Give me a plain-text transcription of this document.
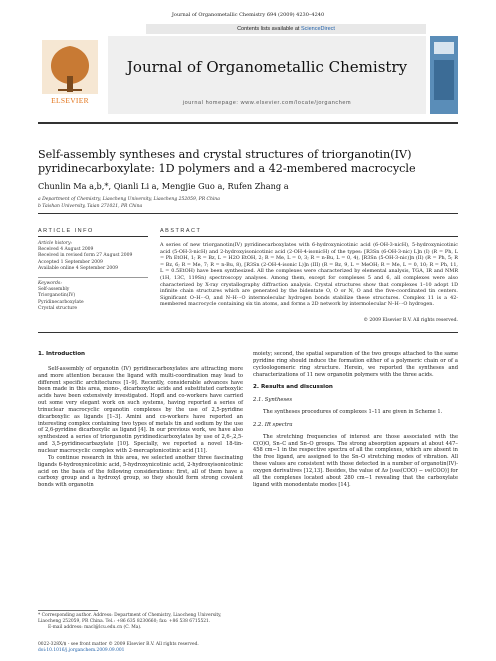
Journal of Organometallic Chemistry 694 (2009) 4230–4240
Contents lists available at ScienceDirect
ELSEVIER
Journal of Organometallic Chemistry
journal homepage: www.elsevier.com/locate/jorganchem
Self-assembly syntheses and crystal structures of triorganotin(IV)
pyridinecarboxylate: 1D polymers and a 42-membered macrocycle
Chunlin Ma a,b,*, Qianli Li a, Mengjie Guo a, Rufen Zhang a
a Department of Chemistry, Liaocheng University, Liaocheng 252059, PR China
b Taishan University, Taian 271021, PR China
ARTICLE INFO	ABSTRACT
Article history:
Received 4 August 2009
Received in revised form 27 August 2009
Accepted 1 September 2009
Available online 4 September 2009
Keywords:
Self-assembly
Triorganotin(IV)
Pyridinecarboxylate
Crystal structure
A series of new triorganotin(IV) pyridinecarboxylates with 6-hydroxynicotinic acid (6-OH-3-nicH), 5-hydroxynicotinic acid (5-OH-3-nicH) and 2-hydroxyisonicotinic acid (2-OH-4-isonicH) of the types: [R3Sn (6-OH-3-nic) L]n (I) (R = Ph, L = Ph EtOH, 1; R = Bz, L = H2O EtOH, 2; R = Me, L = 0, 3; R = n-Bu, L = 0, 4), [R3Sn (5-OH-3-nic)]n (II) (R = Ph, 5; R = Bz, 6; R = Me, 7; R = n-Bu, 8), [R3Sn (2-OH-4-isonic L)]n (III) (R = Bz, 9, L = MeOH; R = Me, L = 0, 10; R = Ph, 11, L = 0.5EtOH) have been synthesized. All the complexes were characterized by elemental analysis, TGA, IR and NMR (1H, 13C, 119Sn) spectroscopy analyses. Among them, except for complexes 5 and 6, all complexes were also characterized by X-ray crystallography diffraction analysis. Crystal structures show that complexes 1–10 adopt 1D infinite chain structures which are generated by the bidentate O, O or N, O and the five-coordinated tin centers. Significant O–H···O, and N–H···O intermolecular hydrogen bonds stabilize these structures. Complex 11 is a 42-membered macrocycle containing six tin atoms, and forms a 2D network by intermolecular N–H···O hydrogen.
© 2009 Elsevier B.V. All rights reserved.
1. Introduction

Self-assembly of organotin (IV) pyridinecarboxylates are attracting more and more attention because the ligand with multi-coordination may lead to different specific architectures [1–9]. Recently, considerable advances have been made in this area, mono-, dicarboxylic acids and substituted carboxylic acids have been extensively investigated. Hopfl and co-workers have carried out some very elegant work on such systems, having reported a series of trinuclear macrocyclic organotin complexes by the use of 2,5-pyridine dicarboxylic as ligands [1–3]. Amini and co-workers have reported an interesting complex containing two types of metals tin and sodium by the use of 2,6-pyridine dicarboxylic as ligand [4]. In our previous work, we have also synthesized a series of triorganotin pyridinedicarboxylates by use of 2,6-,2,5- and 3,5-pyridinecarbazylate [10]. Specially, we reported a novel 18-tin-nuclear macrocyclic complex with 2-mercaptonicotinic acid [11].

To continue research in this area, we selected another three fascinating ligands 6-hydroxynicotinic acid, 5-hydroxynicotinic acid, 2-hydroxyisonicotinic acid on the basis of the following considerations: first, all of them have a carboxy group and a hydroxyl group, so they should form strong covalent bonds with organotin

* Corresponding author. Address: Department of Chemistry, Liaocheng University, Liaocheng 252059, PR China. Tel.: +86 635 8230660; fax: +86 538 6715521.
E-mail address: macl@lcu.edu.cn (C. Ma).
0022-328X/$ - see front matter © 2009 Elsevier B.V. All rights reserved.
doi:10.1016/j.jorganchem.2009.09.001

moiety; second, the spatial separation of the two groups attached to the same pyridine ring should induce the formation either of a polymeric chain or of a cycloologomeric ring structure. Herein, we reported the syntheses and characterizations of 11 new organotin polymers with the three acids.

2. Results and discussion
2.1. Syntheses

The syntheses procedures of complexes 1–11 are given in Scheme 1.

2.2. IR spectra

The stretching frequencies of interest are those associated with the C(O)O, Sn–C and Sn–O groups. The strong absorption appears at about 447–458 cm−1 in the respective spectra of all the complexes, which are absent in the free ligand, are assigned to the Sn–O stretching modes of vibration. All these values are consistent with those detected in a number of organotin(IV)-oxygen derivatives [12,13]. Besides, the value of Δν [νas(COO) − νs(COO)] for all the complexes located about 280 cm−1 revealing that the carboxylate ligand with monodentate modes [14].
